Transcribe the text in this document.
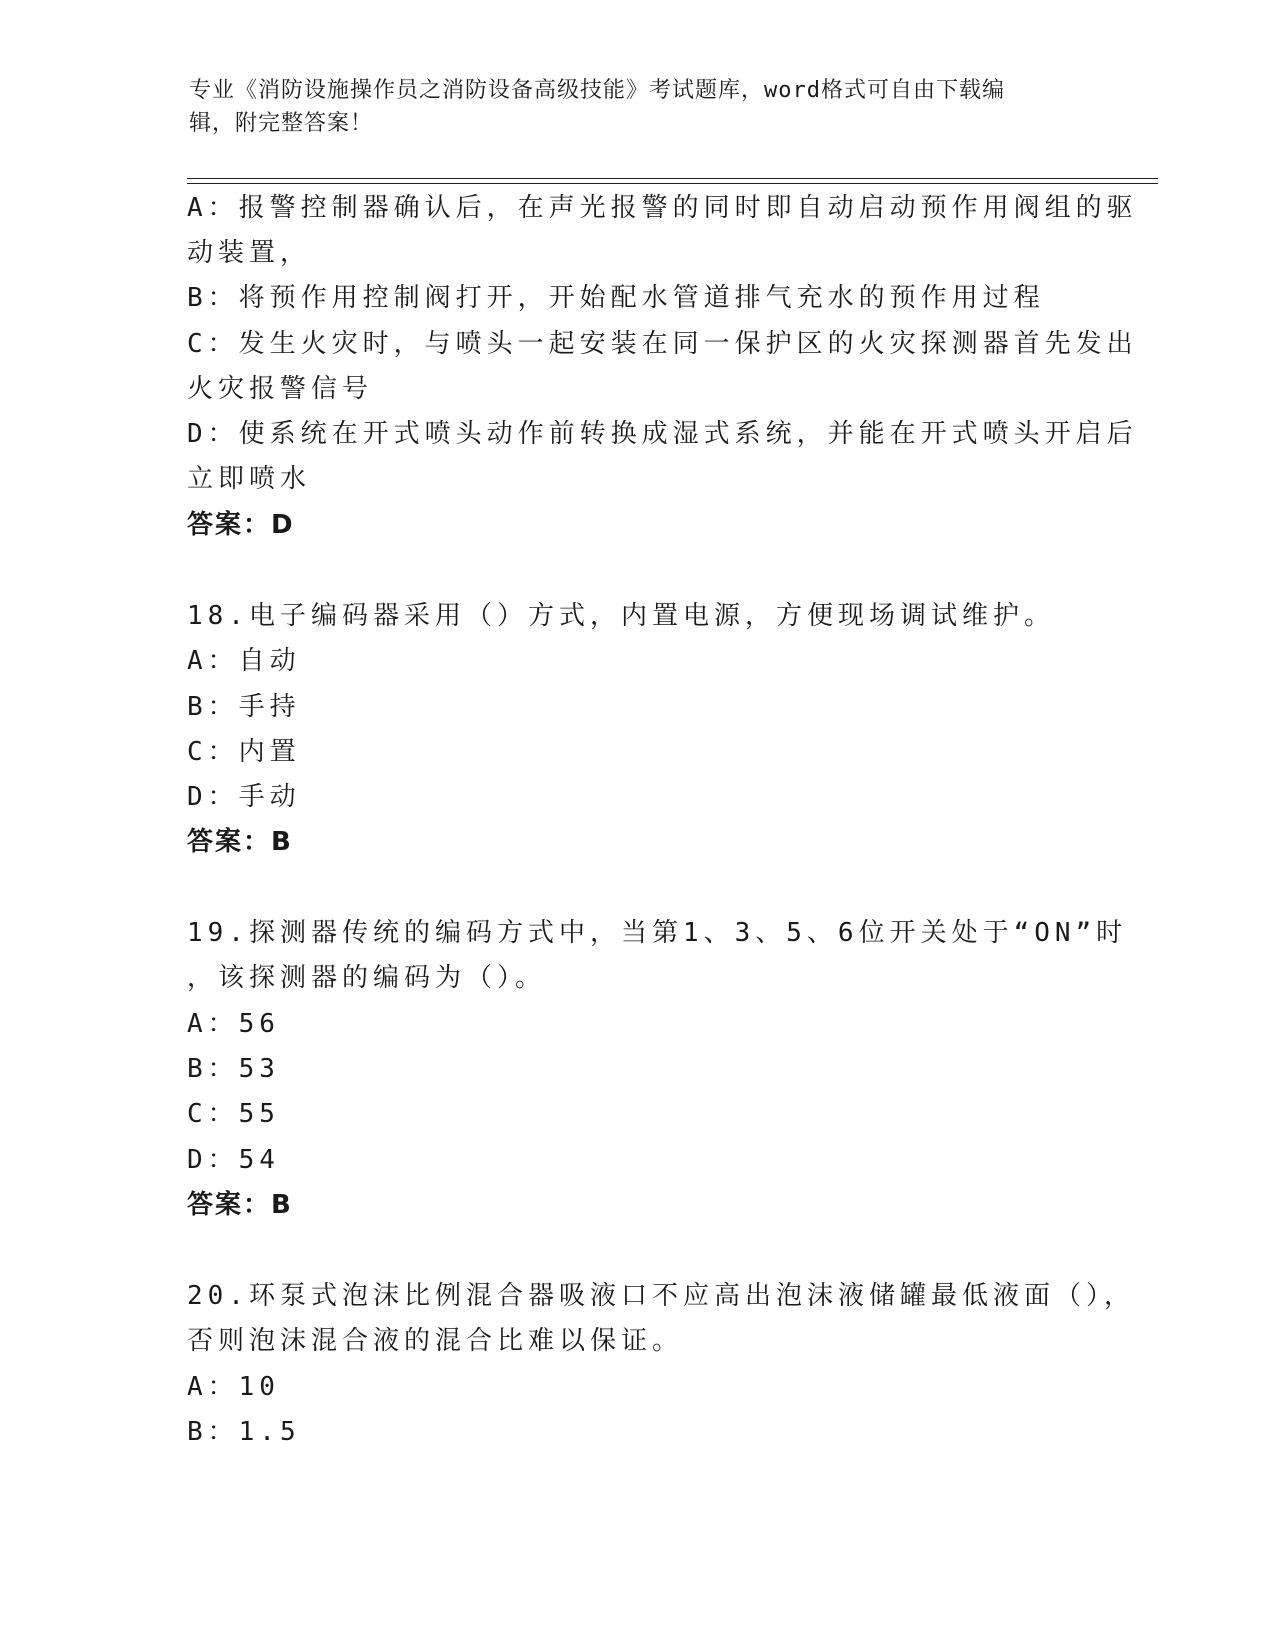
专业《消防设施操作员之消防设备高级技能》考试题库，word格式可自由下载编
辑，附完整答案！
A：报警控制器确认后，在声光报警的同时即自动启动预作用阀组的驱
动装置，
B：将预作用控制阀打开，开始配水管道排气充水的预作用过程
C：发生火灾时，与喷头一起安装在同一保护区的火灾探测器首先发出
火灾报警信号
D：使系统在开式喷头动作前转换成湿式系统，并能在开式喷头开启后
立即喷水
答案：D
18.电子编码器采用（）方式，内置电源，方便现场调试维护。
A：自动
B：手持
C：内置
D：手动
答案：B
19.探测器传统的编码方式中，当第1、3、5、6位开关处于“ON”时
，该探测器的编码为（）。
A：56
B：53
C：55
D：54
答案：B
20.环泵式泡沫比例混合器吸液口不应高出泡沫液储罐最低液面（），
否则泡沫混合液的混合比难以保证。
A：10
B：1.5
